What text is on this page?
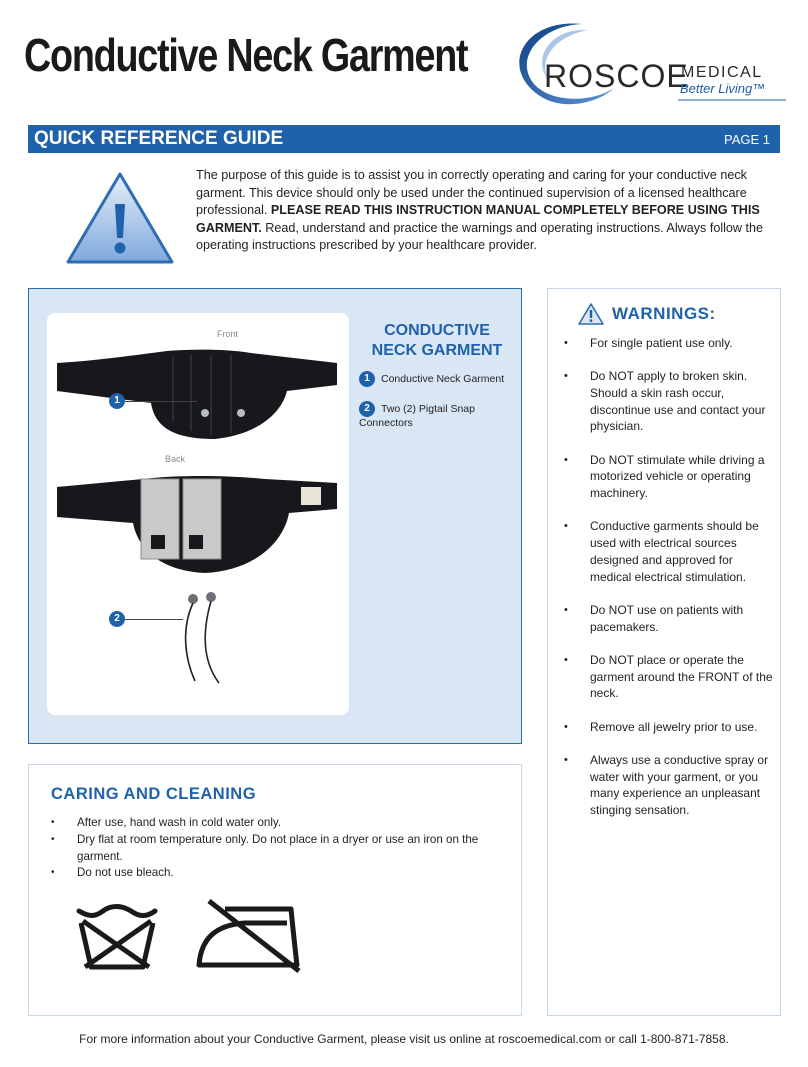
Conductive Neck Garment ROSCOE
MEDICAL
Better Living™
QUICK REFERENCE GUIDE	PAGE 1
The purpose of this guide is to assist you in correctly operating and caring for your conductive neck garment. This device should only be used under the continued supervision of a licensed healthcare professional. PLEASE READ THIS INSTRUCTION MANUAL COMPLETELY BEFORE USING THIS GARMENT. Read, understand and practice the warnings and operating instructions. Always follow the operating instructions prescribed by your healthcare provider.
Front
1
Back
2
CONDUCTIVE NECK GARMENT
1 Conductive Neck Garment
2 Two (2) Pigtail Snap Connectors
WARNINGS:
• For single patient use only.
• Do NOT apply to broken skin. Should a skin rash occur, discontinue use and contact your physician.
• Do NOT stimulate while driving a motorized vehicle or operating machinery.
• Conductive garments should be used with electrical sources designed and approved for medical electrical stimulation.
• Do NOT use on patients with pacemakers.
• Do NOT place or operate the garment around the FRONT of the neck.
• Remove all jewelry prior to use.
• Always use a conductive spray or water with your garment, or you many experience an unpleasant stinging sensation.
CARING AND CLEANING
• After use, hand wash in cold water only.
• Dry flat at room temperature only. Do not place in a dryer or use an iron on the garment.
• Do not use bleach.
For more information about your Conductive Garment, please visit us online at roscoemedical.com or call 1-800-871-7858.
